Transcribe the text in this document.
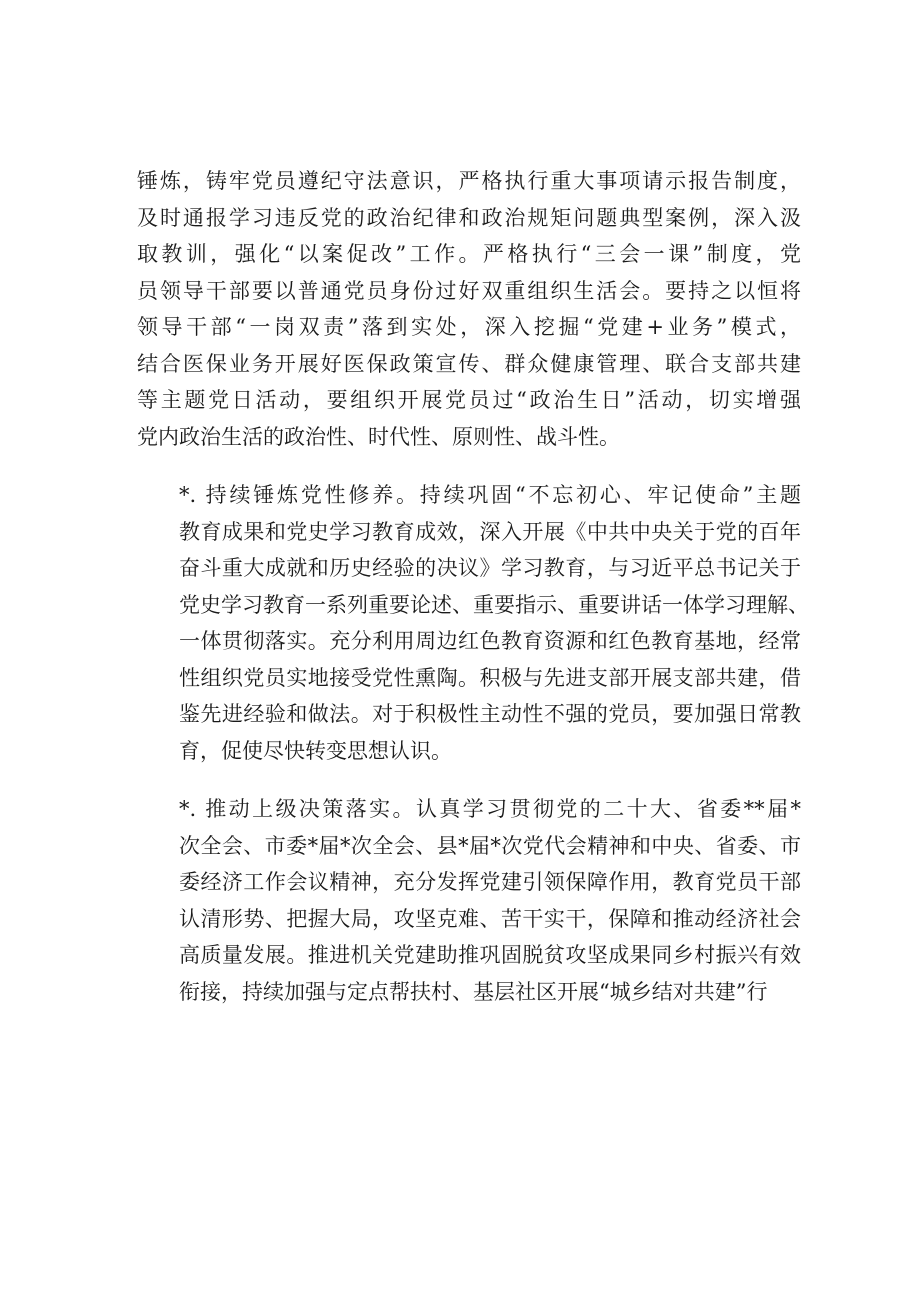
锤炼，铸牢党员遵纪守法意识，严格执行重大事项请示报告制度，
及时通报学习违反党的政治纪律和政治规矩问题典型案例，深入汲
取教训，强化“以案促改”工作。严格执行“三会一课”制度，党
员领导干部要以普通党员身份过好双重组织生活会。要持之以恒将
领导干部“一岗双责”落到实处，深入挖掘“党建+业务”模式，
结合医保业务开展好医保政策宣传、群众健康管理、联合支部共建
等主题党日活动，要组织开展党员过“政治生日”活动，切实增强
党内政治生活的政治性、时代性、原则性、战斗性。

*. 持续锤炼党性修养。持续巩固“不忘初心、牢记使命”主题
教育成果和党史学习教育成效，深入开展《中共中央关于党的百年
奋斗重大成就和历史经验的决议》学习教育，与习近平总书记关于
党史学习教育一系列重要论述、重要指示、重要讲话一体学习理解、
一体贯彻落实。充分利用周边红色教育资源和红色教育基地，经常
性组织党员实地接受党性熏陶。积极与先进支部开展支部共建，借
鉴先进经验和做法。对于积极性主动性不强的党员，要加强日常教
育，促使尽快转变思想认识。

*. 推动上级决策落实。认真学习贯彻党的二十大、省委**届*
次全会、市委*届*次全会、县*届*次党代会精神和中央、省委、市
委经济工作会议精神，充分发挥党建引领保障作用，教育党员干部
认清形势、把握大局，攻坚克难、苦干实干，保障和推动经济社会
高质量发展。推进机关党建助推巩固脱贫攻坚成果同乡村振兴有效
衔接，持续加强与定点帮扶村、基层社区开展“城乡结对共建”行
